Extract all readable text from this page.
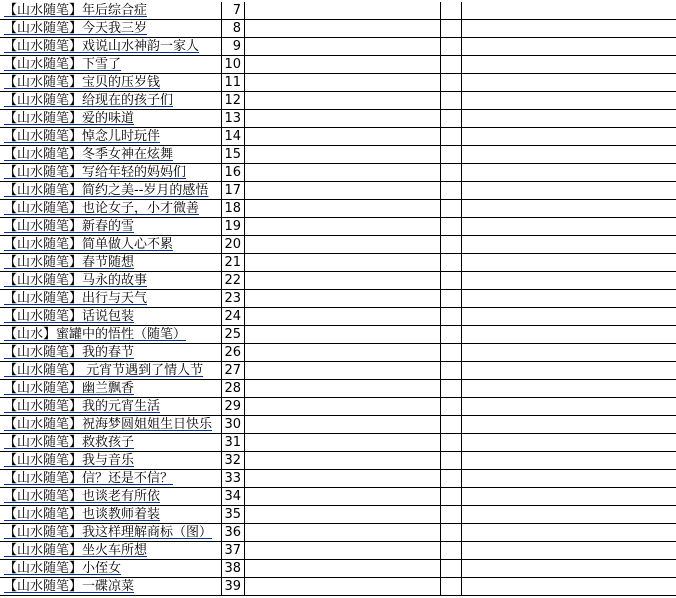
【山水随笔】年后综合症	7
【山水随笔】今天我三岁	8
【山水随笔】戏说山水神韵一家人	9
【山水随笔】下雪了	10
【山水随笔】宝贝的压岁钱	11
【山水随笔】给现在的孩子们	12
【山水随笔】爱的味道	13
【山水随笔】悼念儿时玩伴	14
【山水随笔】冬季女神在炫舞	15
【山水随笔】写给年轻的妈妈们	16
【山水随笔】简约之美--岁月的感悟	17
【山水随笔】也论女子，小才微善	18
【山水随笔】新春的雪	19
【山水随笔】简单做人心不累	20
【山水随笔】春节随想	21
【山水随笔】马永的故事	22
【山水随笔】出行与天气	23
【山水随笔】话说包装	24
【山水】蜜罐中的悟性（随笔）	25
【山水随笔】我的春节	26
【山水随笔】 元宵节遇到了情人节	27
【山水随笔】幽兰飘香	28
【山水随笔】我的元宵生活	29
【山水随笔】祝海梦圆姐姐生日快乐 30
【山水随笔】救救孩子	31
【山水随笔】我与音乐	32
【山水随笔】信？还是不信？	33
【山水随笔】也谈老有所依	34
【山水随笔】也谈教师着装	35
【山水随笔】我这样理解商标（图） 36
【山水随笔】坐火车所想	37
【山水随笔】小侄女	38
【山水随笔】一碟凉菜	39
